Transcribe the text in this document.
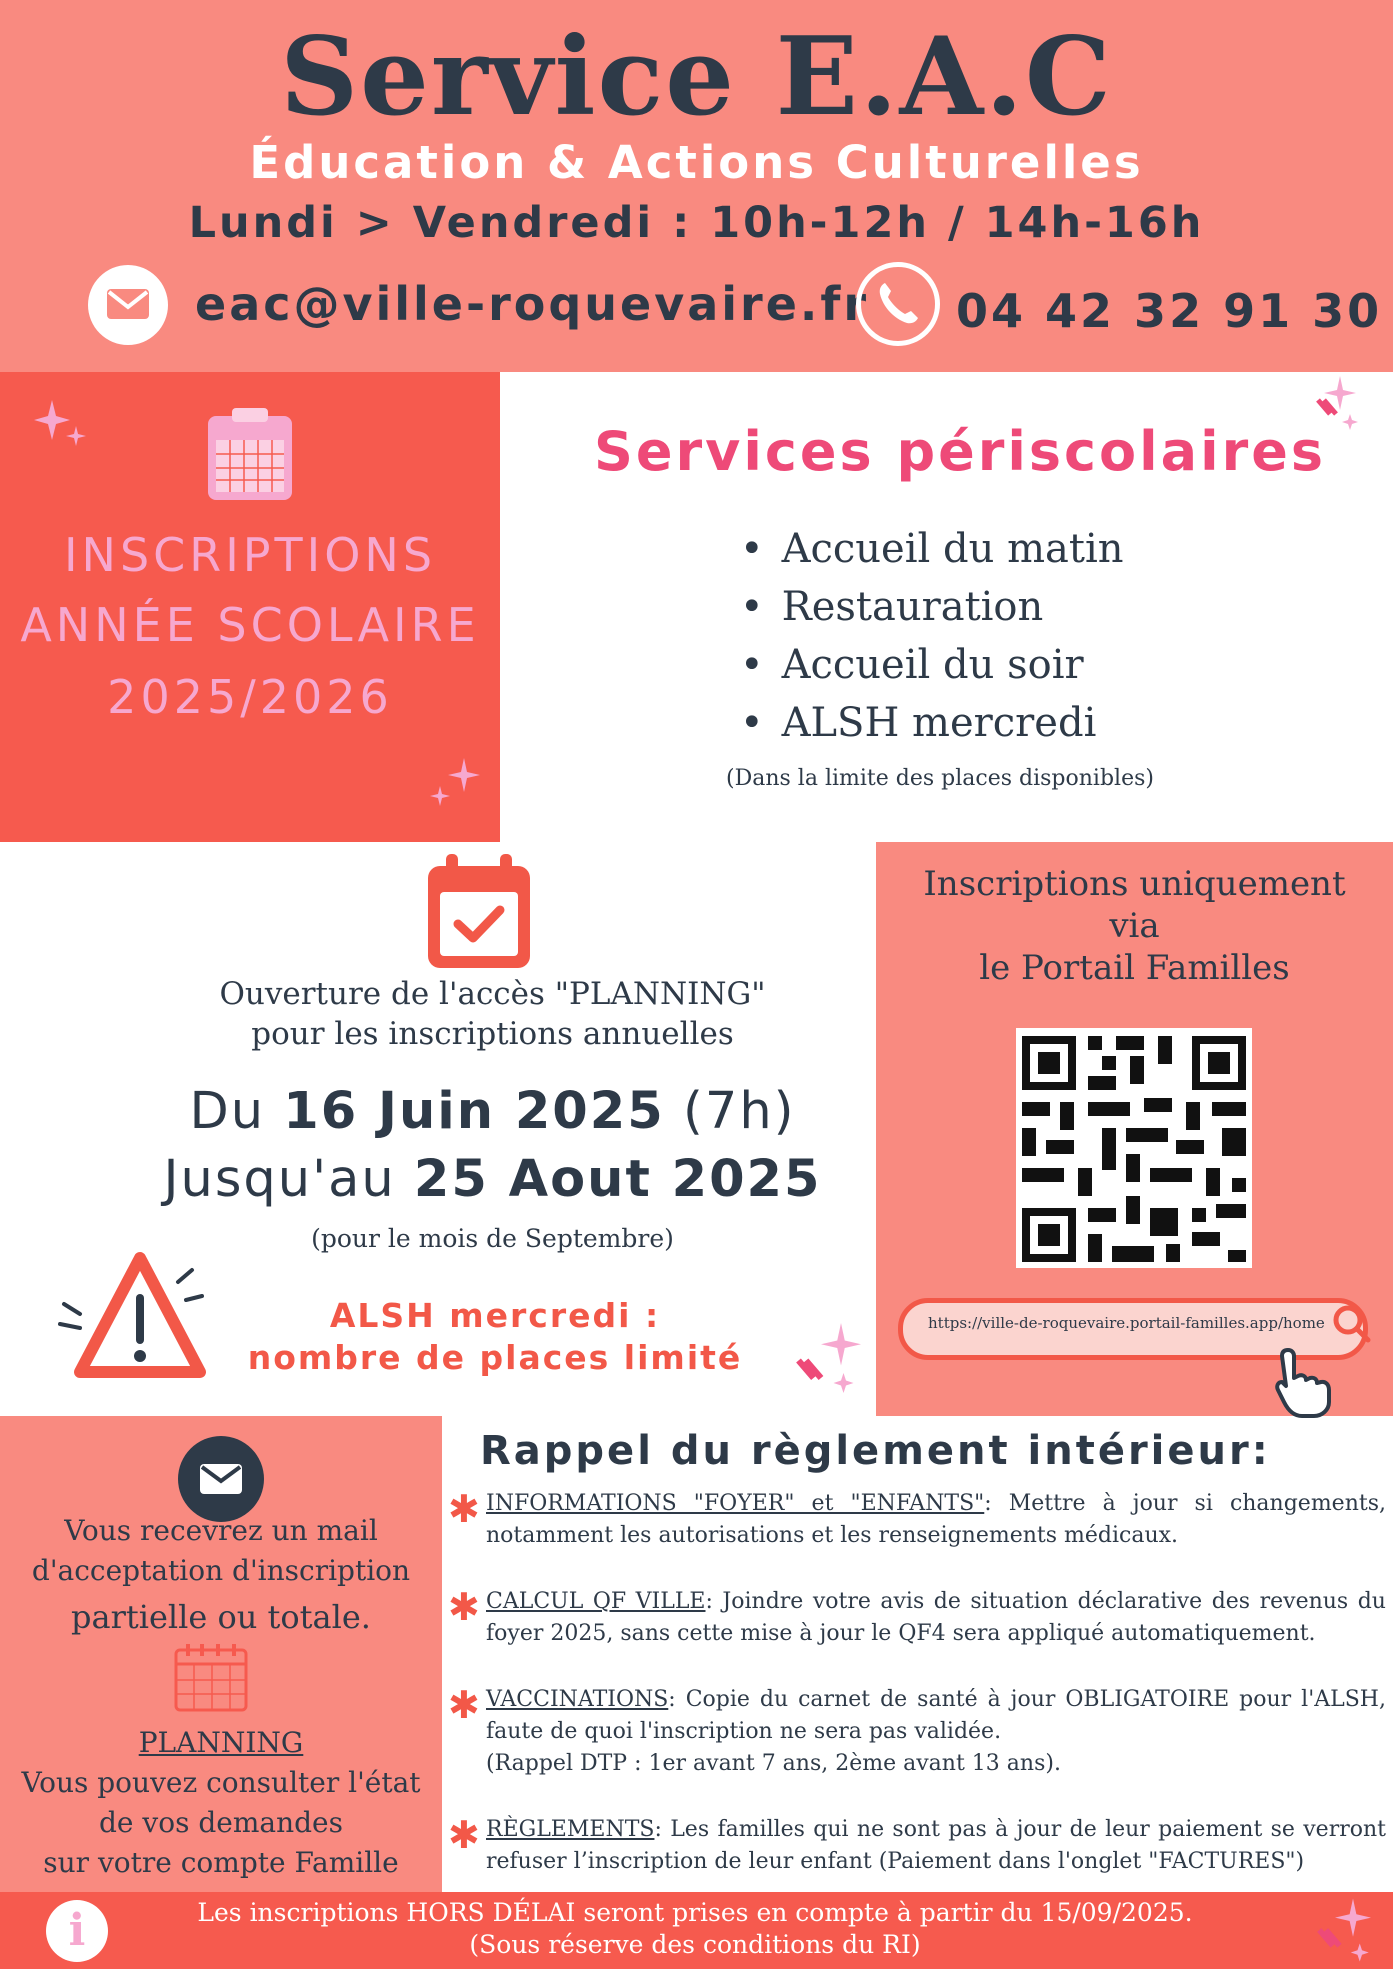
Service E.A.C
Éducation & Actions Culturelles
Lundi > Vendredi : 10h-12h / 14h-16h
eac@ville-roquevaire.fr 04 42 32 91 30
INSCRIPTIONS
ANNÉE SCOLAIRE
2025/2026
Services périscolaires
• Accueil du matin
• Restauration
• Accueil du soir
• ALSH mercredi
(Dans la limite des places disponibles)
Ouverture de l'accès "PLANNING"
pour les inscriptions annuelles
Du 16 Juin 2025 (7h)
Jusqu'au 25 Aout 2025
(pour le mois de Septembre)
ALSH mercredi :
nombre de places limité
Inscriptions uniquement
via
le Portail Familles
https://ville-de-roquevaire.portail-familles.app/home
Vous recevrez un mail
d'acceptation d'inscription
partielle ou totale.
PLANNING
Vous pouvez consulter l'état
de vos demandes
sur votre compte Famille
Rappel du règlement intérieur:
✱ INFORMATIONS "FOYER" et "ENFANTS": Mettre à jour si changements, notamment les autorisations et les renseignements médicaux.
✱ CALCUL QF VILLE: Joindre votre avis de situation déclarative des revenus du foyer 2025, sans cette mise à jour le QF4 sera appliqué automatiquement.
✱ VACCINATIONS: Copie du carnet de santé à jour OBLIGATOIRE pour l'ALSH, faute de quoi l'inscription ne sera pas validée.
(Rappel DTP : 1er avant 7 ans, 2ème avant 13 ans).
✱ RÈGLEMENTS: Les familles qui ne sont pas à jour de leur paiement se verront refuser l’inscription de leur enfant (Paiement dans l'onglet "FACTURES")
i	Les inscriptions HORS DÉLAI seront prises en compte à partir du 15/09/2025.
(Sous réserve des conditions du RI)
